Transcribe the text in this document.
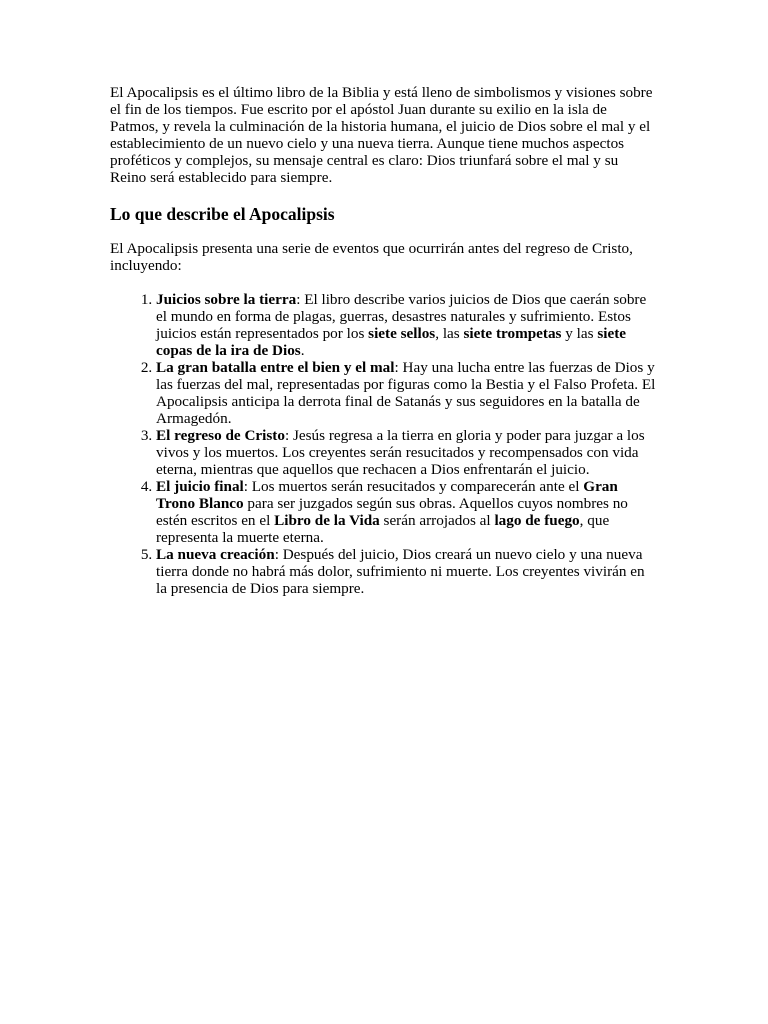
El Apocalipsis es el último libro de la Biblia y está lleno de simbolismos y visiones sobre el fin de los tiempos. Fue escrito por el apóstol Juan durante su exilio en la isla de Patmos, y revela la culminación de la historia humana, el juicio de Dios sobre el mal y el establecimiento de un nuevo cielo y una nueva tierra. Aunque tiene muchos aspectos proféticos y complejos, su mensaje central es claro: Dios triunfará sobre el mal y su Reino será establecido para siempre.

Lo que describe el Apocalipsis

El Apocalipsis presenta una serie de eventos que ocurrirán antes del regreso de Cristo, incluyendo:

1. Juicios sobre la tierra: El libro describe varios juicios de Dios que caerán sobre el mundo en forma de plagas, guerras, desastres naturales y sufrimiento. Estos juicios están representados por los siete sellos, las siete trompetas y las siete copas de la ira de Dios.
2. La gran batalla entre el bien y el mal: Hay una lucha entre las fuerzas de Dios y las fuerzas del mal, representadas por figuras como la Bestia y el Falso Profeta. El Apocalipsis anticipa la derrota final de Satanás y sus seguidores en la batalla de Armagedón.
3. El regreso de Cristo: Jesús regresa a la tierra en gloria y poder para juzgar a los vivos y los muertos. Los creyentes serán resucitados y recompensados con vida eterna, mientras que aquellos que rechacen a Dios enfrentarán el juicio.
4. El juicio final: Los muertos serán resucitados y comparecerán ante el Gran Trono Blanco para ser juzgados según sus obras. Aquellos cuyos nombres no estén escritos en el Libro de la Vida serán arrojados al lago de fuego, que representa la muerte eterna.
5. La nueva creación: Después del juicio, Dios creará un nuevo cielo y una nueva tierra donde no habrá más dolor, sufrimiento ni muerte. Los creyentes vivirán en la presencia de Dios para siempre.
